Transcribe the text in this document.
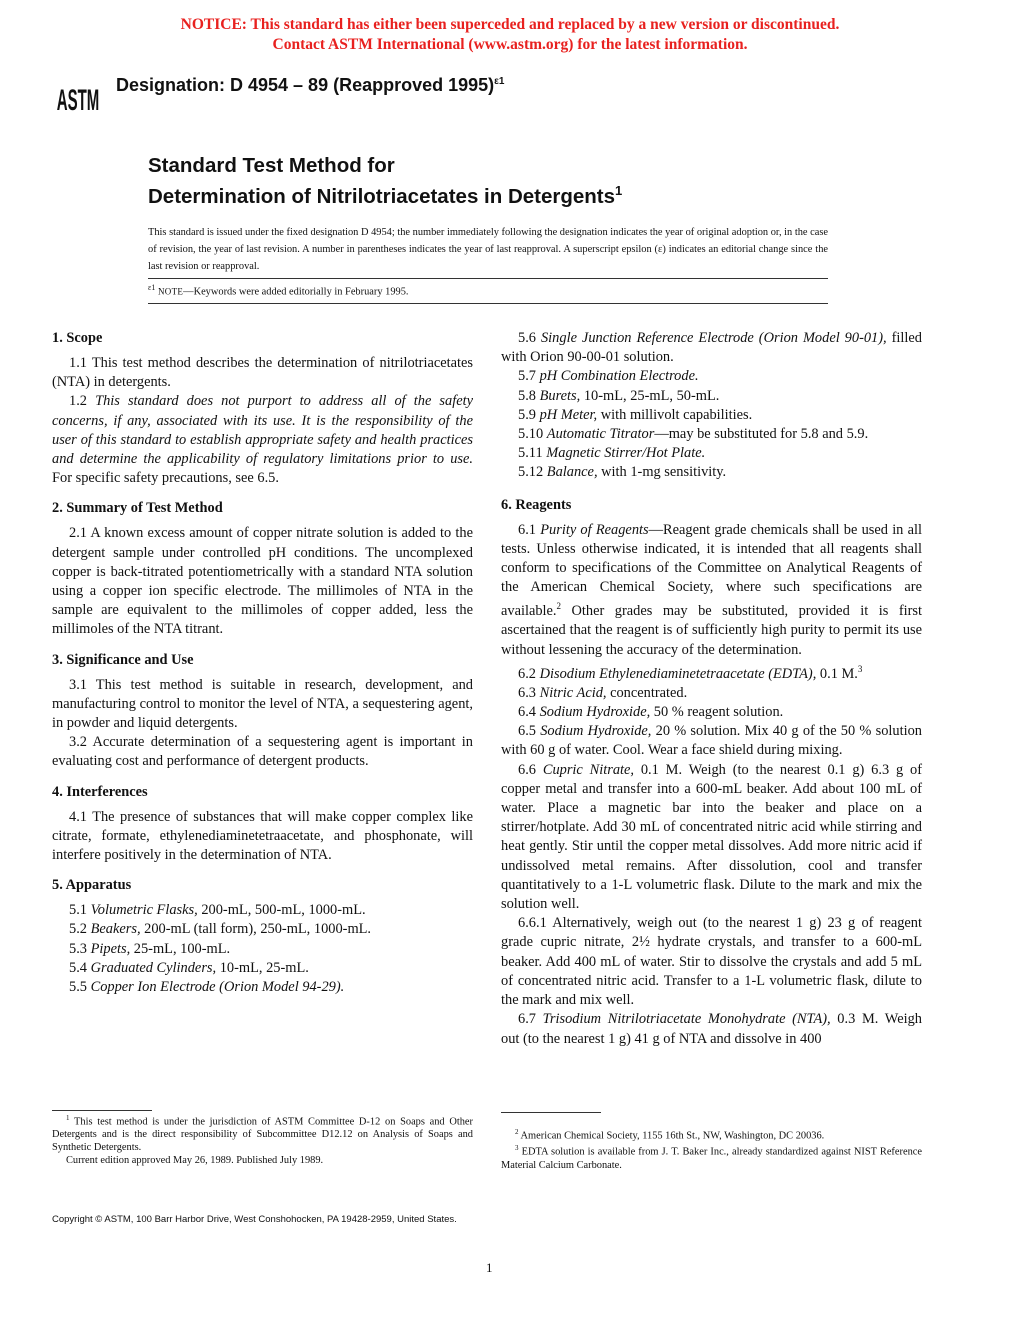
NOTICE: This standard has either been superceded and replaced by a new version or discontinued.
Contact ASTM International (www.astm.org) for the latest information.
ASTM Designation: D 4954 – 89 (Reapproved 1995)$^{\varepsilon 1}$
Standard Test Method for
Determination of Nitrilotriacetates in Detergents$^1$
This standard is issued under the fixed designation D 4954; the number immediately following the designation indicates the year of original adoption or, in the case of revision, the year of last revision. A number in parentheses indicates the year of last reapproval. A superscript epsilon (ε) indicates an editorial change since the last revision or reapproval.
$^{\varepsilon 1}$ NOTE—Keywords were added editorially in February 1995.
1. Scope

1.1 This test method describes the determination of nitrilotriacetates (NTA) in detergents.

1.2 This standard does not purport to address all of the safety concerns, if any, associated with its use. It is the responsibility of the user of this standard to establish appropriate safety and health practices and determine the applicability of regulatory limitations prior to use. For specific safety precautions, see 6.5.

2. Summary of Test Method

2.1 A known excess amount of copper nitrate solution is added to the detergent sample under controlled pH conditions. The uncomplexed copper is back-titrated potentiometrically with a standard NTA solution using a copper ion specific electrode. The millimoles of NTA in the sample are equivalent to the millimoles of copper added, less the millimoles of the NTA titrant.

3. Significance and Use

3.1 This test method is suitable in research, development, and manufacturing control to monitor the level of NTA, a sequestering agent, in powder and liquid detergents.

3.2 Accurate determination of a sequestering agent is important in evaluating cost and performance of detergent products.

4. Interferences

4.1 The presence of substances that will make copper complex like citrate, formate, ethylenediaminetetraacetate, and phosphonate, will interfere positively in the determination of NTA.

5. Apparatus

5.1 Volumetric Flasks, 200-mL, 500-mL, 1000-mL.

5.2 Beakers, 200-mL (tall form), 250-mL, 1000-mL.

5.3 Pipets, 25-mL, 100-mL.

5.4 Graduated Cylinders, 10-mL, 25-mL.

5.5 Copper Ion Electrode (Orion Model 94-29).

5.6 Single Junction Reference Electrode (Orion Model 90-01), filled with Orion 90-00-01 solution.

5.7 pH Combination Electrode.

5.8 Burets, 10-mL, 25-mL, 50-mL.

5.9 pH Meter, with millivolt capabilities.

5.10 Automatic Titrator—may be substituted for 5.8 and 5.9.

5.11 Magnetic Stirrer/Hot Plate.

5.12 Balance, with 1-mg sensitivity.

6. Reagents

6.1 Purity of Reagents—Reagent grade chemicals shall be used in all tests. Unless otherwise indicated, it is intended that all reagents shall conform to specifications of the Committee on Analytical Reagents of the American Chemical Society, where such specifications are available.$^2$ Other grades may be substituted, provided it is first ascertained that the reagent is of sufficiently high purity to permit its use without lessening the accuracy of the determination.

6.2 Disodium Ethylenediaminetetraacetate (EDTA), 0.1 M.$^3$

6.3 Nitric Acid, concentrated.

6.4 Sodium Hydroxide, 50 % reagent solution.

6.5 Sodium Hydroxide, 20 % solution. Mix 40 g of the 50 % solution with 60 g of water. Cool. Wear a face shield during mixing.

6.6 Cupric Nitrate, 0.1 M. Weigh (to the nearest 0.1 g) 6.3 g of copper metal and transfer into a 600-mL beaker. Add about 100 mL of water. Place a magnetic bar into the beaker and place on a stirrer/hotplate. Add 30 mL of concentrated nitric acid while stirring and heat gently. Stir until the copper metal dissolves. Add more nitric acid if undissolved metal remains. After dissolution, cool and transfer quantitatively to a 1-L volumetric flask. Dilute to the mark and mix the solution well.

6.6.1 Alternatively, weigh out (to the nearest 1 g) 23 g of reagent grade cupric nitrate, 2½ hydrate crystals, and transfer to a 600-mL beaker. Add 400 mL of water. Stir to dissolve the crystals and add 5 mL of concentrated nitric acid. Transfer to a 1-L volumetric flask, dilute to the mark and mix well.

6.7 Trisodium Nitrilotriacetate Monohydrate (NTA), 0.3 M. Weigh out (to the nearest 1 g) 41 g of NTA and dissolve in 400

$^1$ This test method is under the jurisdiction of ASTM Committee D-12 on Soaps and Other Detergents and is the direct responsibility of Subcommittee D12.12 on Analysis of Soaps and Synthetic Detergents.

Current edition approved May 26, 1989. Published July 1989.

$^2$ American Chemical Society, 1155 16th St., NW, Washington, DC 20036.

$^3$ EDTA solution is available from J. T. Baker Inc., already standardized against NIST Reference Material Calcium Carbonate.

Copyright © ASTM, 100 Barr Harbor Drive, West Conshohocken, PA 19428-2959, United States.
1
